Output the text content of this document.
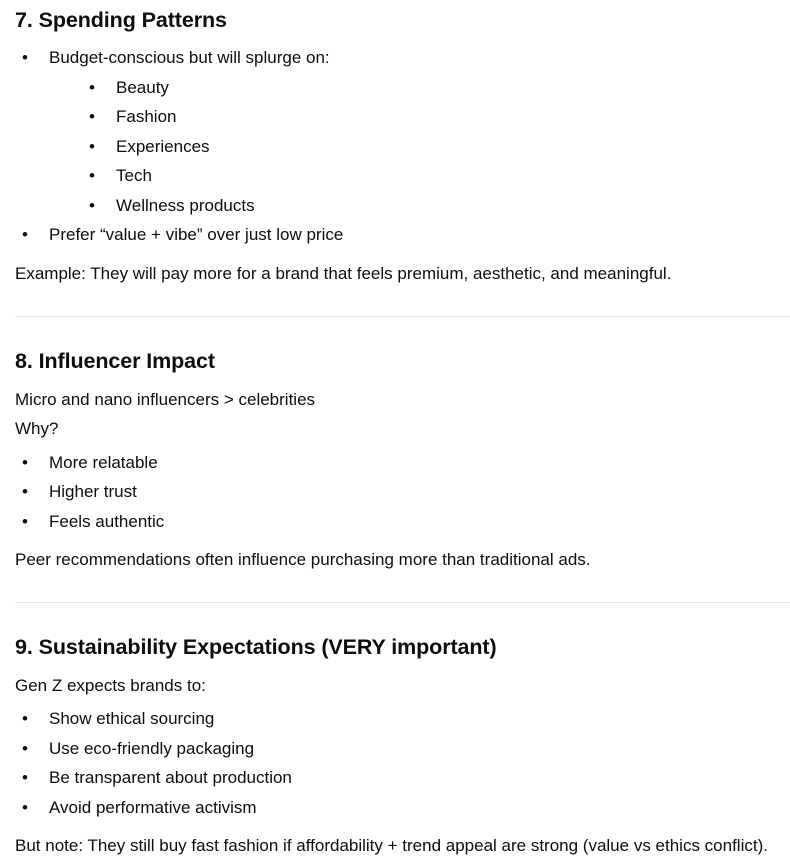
7. Spending Patterns
• Budget-conscious but will splurge on:
• Beauty
• Fashion
• Experiences
• Tech
• Wellness products
• Prefer “value + vibe” over just low price

Example: They will pay more for a brand that feels premium, aesthetic, and meaningful.

8. Influencer Impact

Micro and nano influencers > celebrities

Why?

• More relatable
• Higher trust
• Feels authentic

Peer recommendations often influence purchasing more than traditional ads.

9. Sustainability Expectations (VERY important)

Gen Z expects brands to:

• Show ethical sourcing
• Use eco-friendly packaging
• Be transparent about production
• Avoid performative activism

But note: They still buy fast fashion if affordability + trend appeal are strong (value vs ethics conflict).
